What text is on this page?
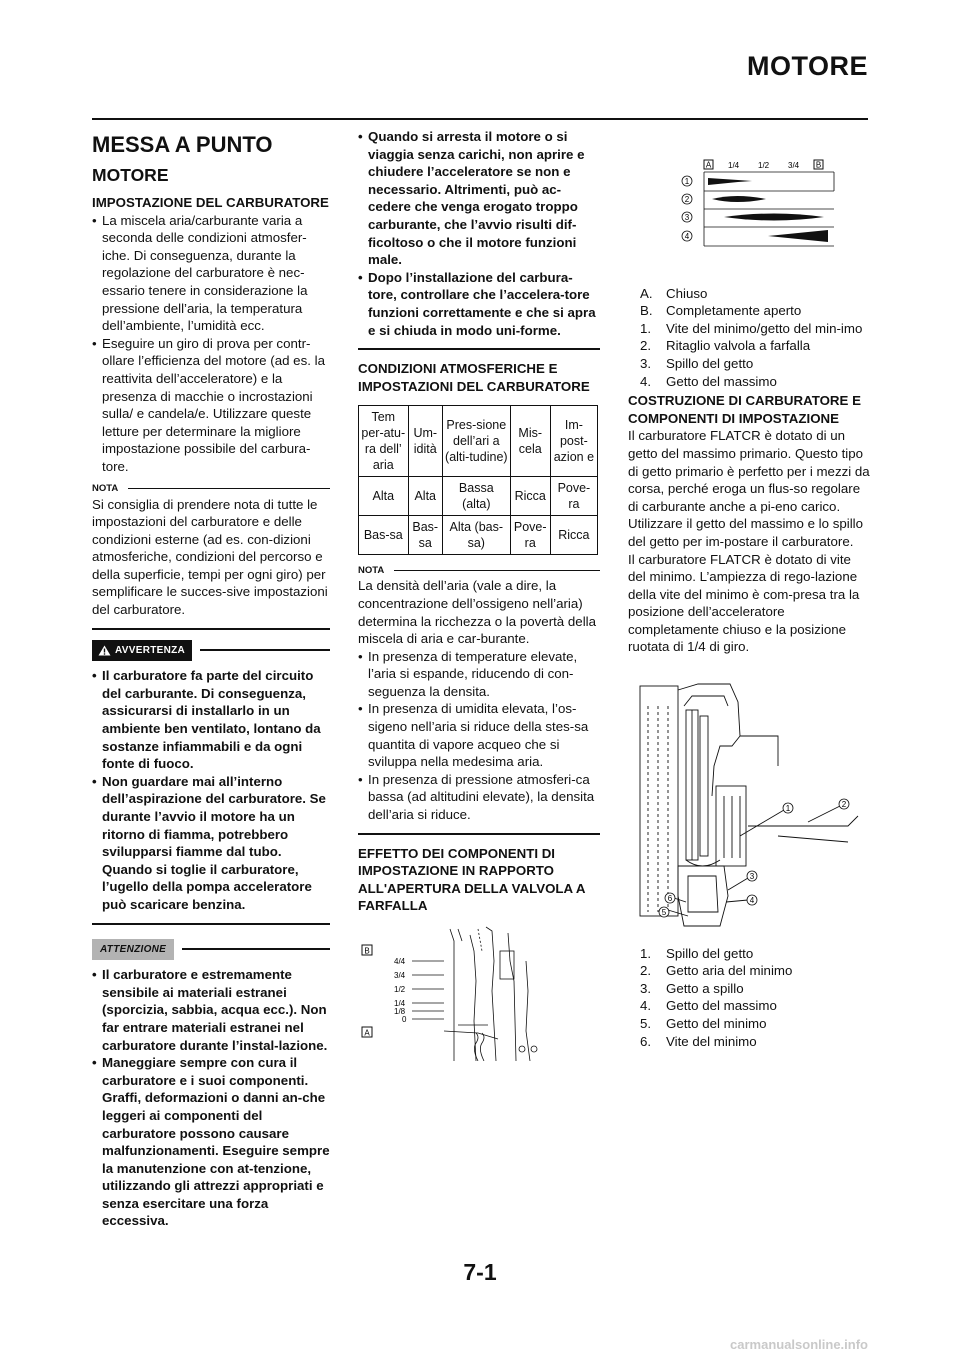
MOTORE
MESSA A PUNTO
MOTORE
IMPOSTAZIONE DEL CARBURATORE
• La miscela aria/carburante varia a seconda delle condizioni atmosfer-iche. Di conseguenza, durante la regolazione del carburatore è nec-essario tenere in considerazione la pressione dell’aria, la temperatura dell’ambiente, l’umidità ecc.
• Eseguire un giro di prova per contr-ollare l’efficienza del motore (ad es. la reattivita dell’acceleratore) e la presenza di macchie o incrostazioni sulla/ e candela/e. Utilizzare queste letture per determinare la migliore impostazione possibile del carbura-tore.
NOTA

Si consiglia di prendere nota di tutte le impostazioni del carburatore e delle condizioni esterne (ad es. con-dizioni atmosferiche, condizioni del percorso e della superficie, tempi per ogni giro) per semplificare le succes-sive impostazioni del carburatore.

AVVERTENZA
• Il carburatore fa parte del circuito del carburante. Di conseguenza, assicurarsi di installarlo in un ambiente ben ventilato, lontano da sostanze infiammabili e da ogni fonte di fuoco.
• Non guardare mai all’interno dell’aspirazione del carburatore. Se durante l’avvio il motore ha un ritorno di fiamma, potrebbero svilupparsi fiamme dal tubo. Quando si toglie il carburatore, l’ugello della pompa acceleratore può scaricare benzina.
ATTENZIONE
• Il carburatore e estremamente sensibile ai materiali estranei (sporcizia, sabbia, acqua ecc.). Non far entrare materiali estranei nel carburatore durante l’instal-lazione.
• Maneggiare sempre con cura il carburatore e i suoi componenti. Graffi, deformazioni o danni an-che leggeri ai componenti del carburatore possono causare malfunzionamenti. Eseguire sempre la manutenzione con at-tenzione, utilizzando gli attrezzi appropriati e senza esercitare una forza eccessiva.
• Quando si arresta il motore o si viaggia senza carichi, non aprire e chiudere l’acceleratore se non e necessario. Altrimenti, può ac-cedere che venga erogato troppo carburante, che l’avvio risulti dif-ficoltoso o che il motore funzioni male.
• Dopo l’installazione del carbura-tore, controllare che l’accelera-tore funzioni correttamente e che si apra e si chiuda in modo uni-forme.
CONDIZIONI ATMOSFERICHE E IMPOSTAZIONI DEL CARBURATORE
Tem per-atu-ra dell’ aria	Um-idità	Pres-sione dell’ari a (alti-tudine)	Mis-cela	Im-post-azion e
Alta	Alta	Bassa (alta)	Ricca	Pove-ra
Bas-sa	Bas-sa	Alta (bas-sa)	Pove-ra	Ricca
NOTA

La densità dell’aria (vale a dire, la concentrazione dell’ossigeno nell’aria) determina la ricchezza o la povertà della miscela di aria e car-burante.

• In presenza di temperature elevate, l’aria si espande, riducendo di con-seguenza la densita.
• In presenza di umidita elevata, l’os-sigeno nell’aria si riduce della stes-sa quantita di vapore acqueo che si sviluppa nella medesima aria.
• In presenza di pressione atmosferi-ca bassa (ad altitudini elevate), la densita dell’aria si riduce.
EFFETTO DEI COMPONENTI DI IMPOSTAZIONE IN RAPPORTO ALL'APERTURA DELLA VALVOLA A FARFALLA
B
A
4/4
3/4
1/2
1/4
1/8
0
A 1/4 1/2 3/4 B
1
2
3
4
A.	Chiuso
B.	Completamente aperto
1.	Vite del minimo/getto del min-imo
2.	Ritaglio valvola a farfalla
3.	Spillo del getto
4.	Getto del massimo
COSTRUZIONE DI CARBURATORE E COMPONENTI DI IMPOSTAZIONE

Il carburatore FLATCR è dotato di un getto del massimo primario. Questo tipo di getto primario è perfetto per i mezzi da corsa, perché eroga un flus-so regolare di carburante anche a pi-eno carico. Utilizzare il getto del massimo e lo spillo del getto per im-postare il carburatore.

Il carburatore FLATCR è dotato di vite del minimo. L’ampiezza di rego-lazione della vite del minimo è com-presa tra la posizione dell’acceleratore completamente chiuso e la posizione ruotata di 1/4 di giro.

1	2
3
4
5
6
1.	Spillo del getto
2.	Getto aria del minimo
3.	Getto a spillo
4.	Getto del massimo
5.	Getto del minimo
6.	Vite del minimo
7-1
carmanualsonline.info
